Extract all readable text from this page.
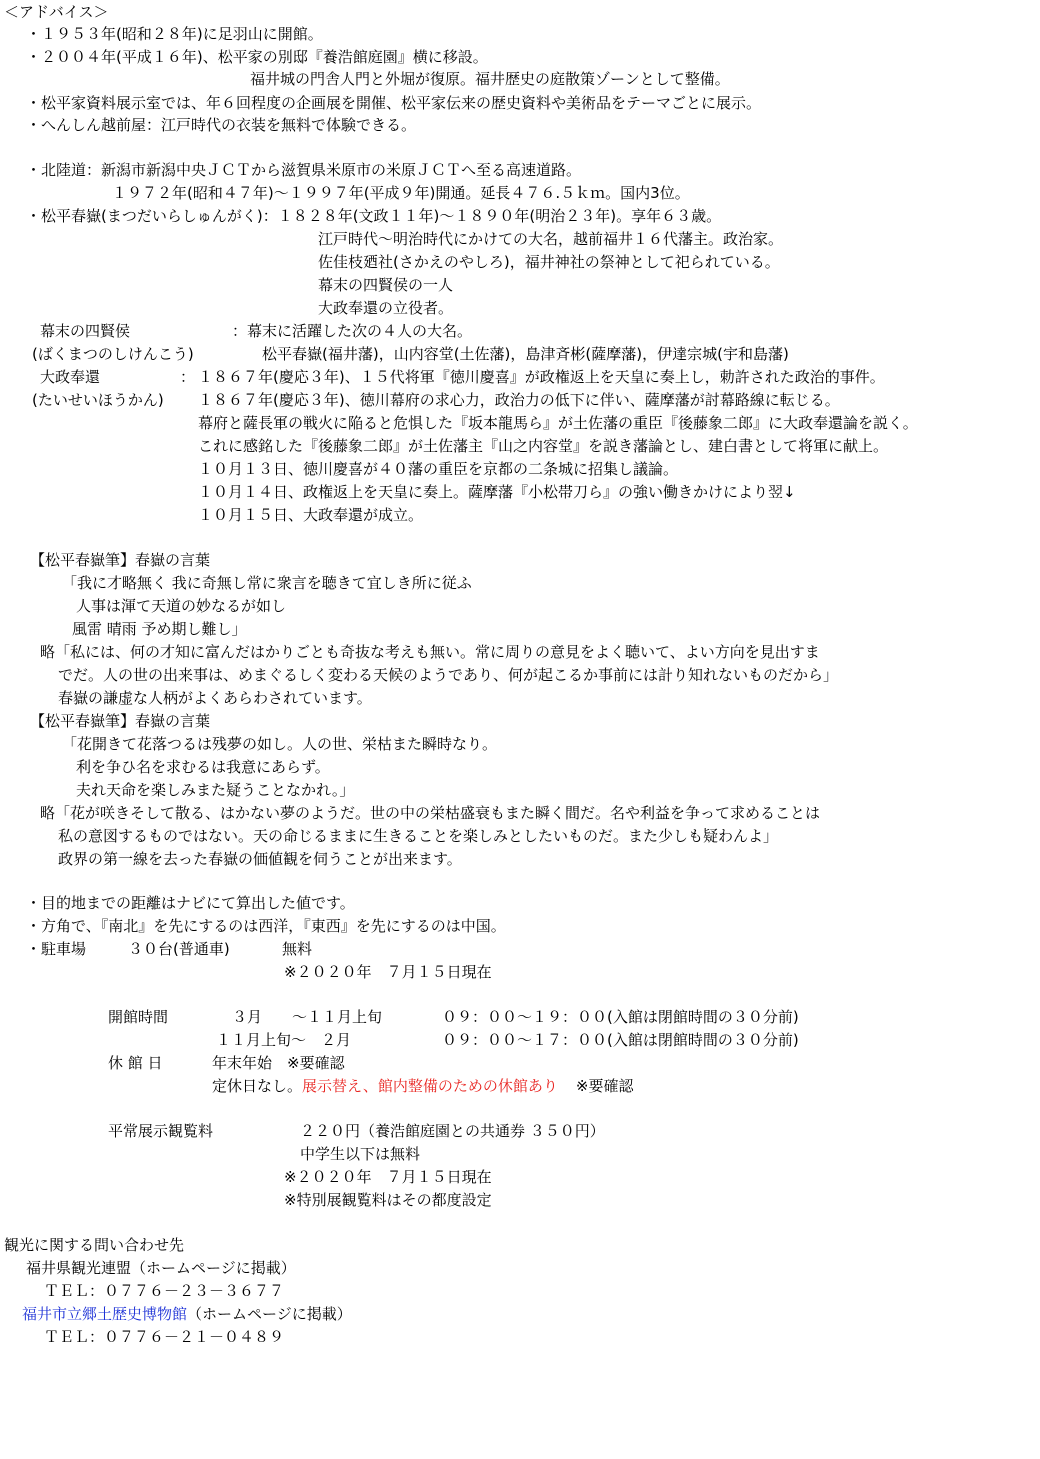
＜アドバイス＞
・１９５３年(昭和２８年)に足羽山に開館。
・２００４年(平成１６年)、松平家の別邸『養浩館庭園』横に移設。
福井城の門舎人門と外堀が復原。福井歴史の庭散策ゾーンとして整備。
・松平家資料展示室では、年６回程度の企画展を開催、松平家伝来の歴史資料や美術品をテーマごとに展示。
・へんしん越前屋：江戸時代の衣装を無料で体験できる。
・北陸道：新潟市新潟中央ＪＣＴから滋賀県米原市の米原ＪＣＴへ至る高速道路。
１９７２年(昭和４７年)～１９９７年(平成９年)開通。延長４７６.５ｋｍ。国内3位。
・松平春嶽(まつだいらしゅんがく)：１８２８年(文政１１年)～１８９０年(明治２３年)。享年６３歳。
江戸時代～明治時代にかけての大名，越前福井１６代藩主。政治家。
佐佳枝廼社(さかえのやしろ)，福井神社の祭神として祀られている。
幕末の四賢侯の一人
大政奉還の立役者。
幕末の四賢侯	：幕末に活躍した次の４人の大名。
(ばくまつのしけんこう)	松平春嶽(福井藩)，山内容堂(土佐藩)，島津斉彬(薩摩藩)，伊達宗城(宇和島藩)
大政奉還	： １８６７年(慶応３年)、１５代将軍『徳川慶喜』が政権返上を天皇に奏上し，勅許された政治的事件。
(たいせいほうかん) １８６７年(慶応３年)、徳川幕府の求心力，政治力の低下に伴い、薩摩藩が討幕路線に転じる。
幕府と薩長軍の戦火に陥ると危惧した『坂本龍馬ら』が土佐藩の重臣『後藤象二郎』に大政奉還論を説く。
これに感銘した『後藤象二郎』が土佐藩主『山之内容堂』を説き藩論とし、建白書として将軍に献上。
１０月１３日、徳川慶喜が４０藩の重臣を京都の二条城に招集し議論。
１０月１４日、政権返上を天皇に奏上。薩摩藩『小松帯刀ら』の強い働きかけにより翌↓
１０月１５日、大政奉還が成立。
【松平春嶽筆】春嶽の言葉
「我に才略無く 我に奇無し常に衆言を聴きて宜しき所に従ふ
人事は渾て天道の妙なるが如し
風雷 晴雨 予め期し難し」
略「私には、何の才知に富んだはかりごとも奇抜な考えも無い。常に周りの意見をよく聴いて、よい方向を見出すま
でだ。人の世の出来事は、めまぐるしく変わる天候のようであり、何が起こるか事前には計り知れないものだから」
春嶽の謙虚な人柄がよくあらわされています。
【松平春嶽筆】春嶽の言葉
「花開きて花落つるは残夢の如し。人の世、栄枯また瞬時なり。
利を争ひ名を求むるは我意にあらず。
夫れ天命を楽しみまた疑うことなかれ。」
略「花が咲きそして散る、はかない夢のようだ。世の中の栄枯盛衰もまた瞬く間だ。名や利益を争って求めることは
私の意図するものではない。天の命じるままに生きることを楽しみとしたいものだ。また少しも疑わんよ」
政界の第一線を去った春嶽の価値観を伺うことが出来ます。
・目的地までの距離はナビにて算出した値です。
・方角で、『南北』を先にするのは西洋，『東西』を先にするのは中国。
・駐車場	３０台(普通車)	無料
※２０２０年　７月１５日現在
開館時間	３月　　～１１月上旬	０９：００～１９：００(入館は閉館時間の３０分前)
１１月上旬～　２月	０９：００～１７：００(入館は閉館時間の３０分前)
休 館 日	年末年始　※要確認
定休日なし。展示替え、館内整備のための休館あり ※要確認
平常展示観覧料	２２０円（養浩館庭園との共通券 ３５０円）
中学生以下は無料
※２０２０年　７月１５日現在
※特別展観覧料はその都度設定
観光に関する問い合わせ先
福井県観光連盟（ホームページに掲載）
ＴＥＬ：０７７６－２３－３６７７
福井市立郷土歴史博物館（ホームページに掲載）
ＴＥＬ：０７７６－２１－０４８９
